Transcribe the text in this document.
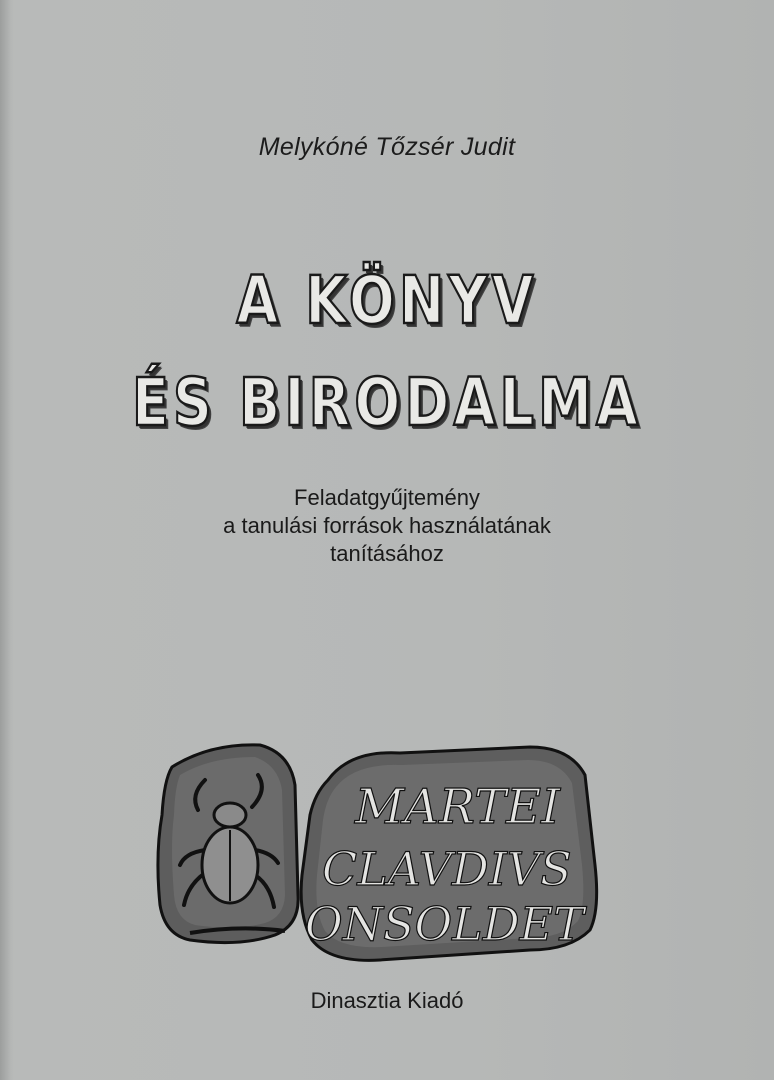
Melykóné Tőzsér Judit
A KÖNYV
ÉS BIRODALMA
Feladatgyűjtemény
a tanulási források használatának
tanításához
MARTEI
CLAVDIVS
ONSOLDET
Dinasztia Kiadó
